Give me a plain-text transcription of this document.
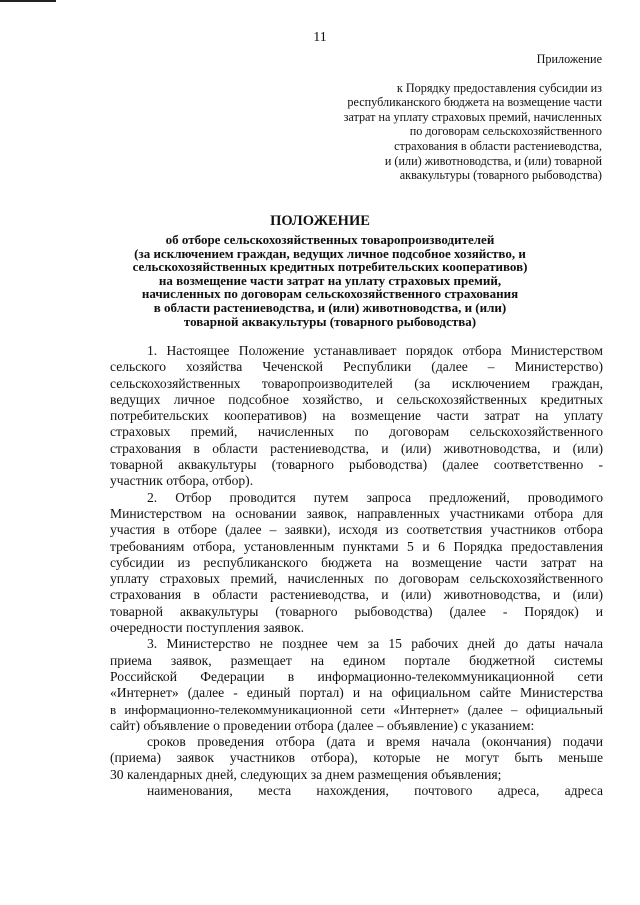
11
Приложение
к Порядку предоставления субсидии из
республиканского бюджета на возмещение части
затрат на уплату страховых премий, начисленных
по договорам сельскохозяйственного
страхования в области растениеводства,
и (или) животноводства, и (или) товарной
аквакультуры (товарного рыбоводства)
ПОЛОЖЕНИЕ
об отборе сельскохозяйственных товаропроизводителей
(за исключением граждан, ведущих личное подсобное хозяйство, и
сельскохозяйственных кредитных потребительских кооперативов)
на возмещение части затрат на уплату страховых премий,
начисленных по договорам сельскохозяйственного страхования
в области растениеводства, и (или) животноводства, и (или)
товарной аквакультуры (товарного рыбоводства)
1. Настоящее Положение устанавливает порядок отбора Министерством
сельского хозяйства Чеченской Республики (далее – Министерство)
сельскохозяйственных товаропроизводителей (за исключением граждан,
ведущих личное подсобное хозяйство, и сельскохозяйственных кредитных
потребительских кооперативов) на возмещение части затрат на уплату
страховых премий, начисленных по договорам сельскохозяйственного
страхования в области растениеводства, и (или) животноводства, и (или)
товарной аквакультуры (товарного рыбоводства) (далее соответственно -
участник отбора, отбор).
2. Отбор проводится путем запроса предложений, проводимого
Министерством на основании заявок, направленных участниками отбора для
участия в отборе (далее – заявки), исходя из соответствия участников отбора
требованиям отбора, установленным пунктами 5 и 6 Порядка предоставления
субсидии из республиканского бюджета на возмещение части затрат на
уплату страховых премий, начисленных по договорам сельскохозяйственного
страхования в области растениеводства, и (или) животноводства, и (или)
товарной аквакультуры (товарного рыбоводства) (далее - Порядок) и
очередности поступления заявок.
3. Министерство не позднее чем за 15 рабочих дней до даты начала
приема заявок, размещает на едином портале бюджетной системы
Российской Федерации в информационно-телекоммуникационной сети
«Интернет» (далее - единый портал) и на официальном сайте Министерства
в информационно-телекоммуникационной сети «Интернет» (далее – официальный
сайт) объявление о проведении отбора (далее – объявление) с указанием:
сроков проведения отбора (дата и время начала (окончания) подачи
(приема) заявок участников отбора), которые не могут быть меньше
30 календарных дней, следующих за днем размещения объявления;
наименования, места нахождения, почтового адреса, адреса
